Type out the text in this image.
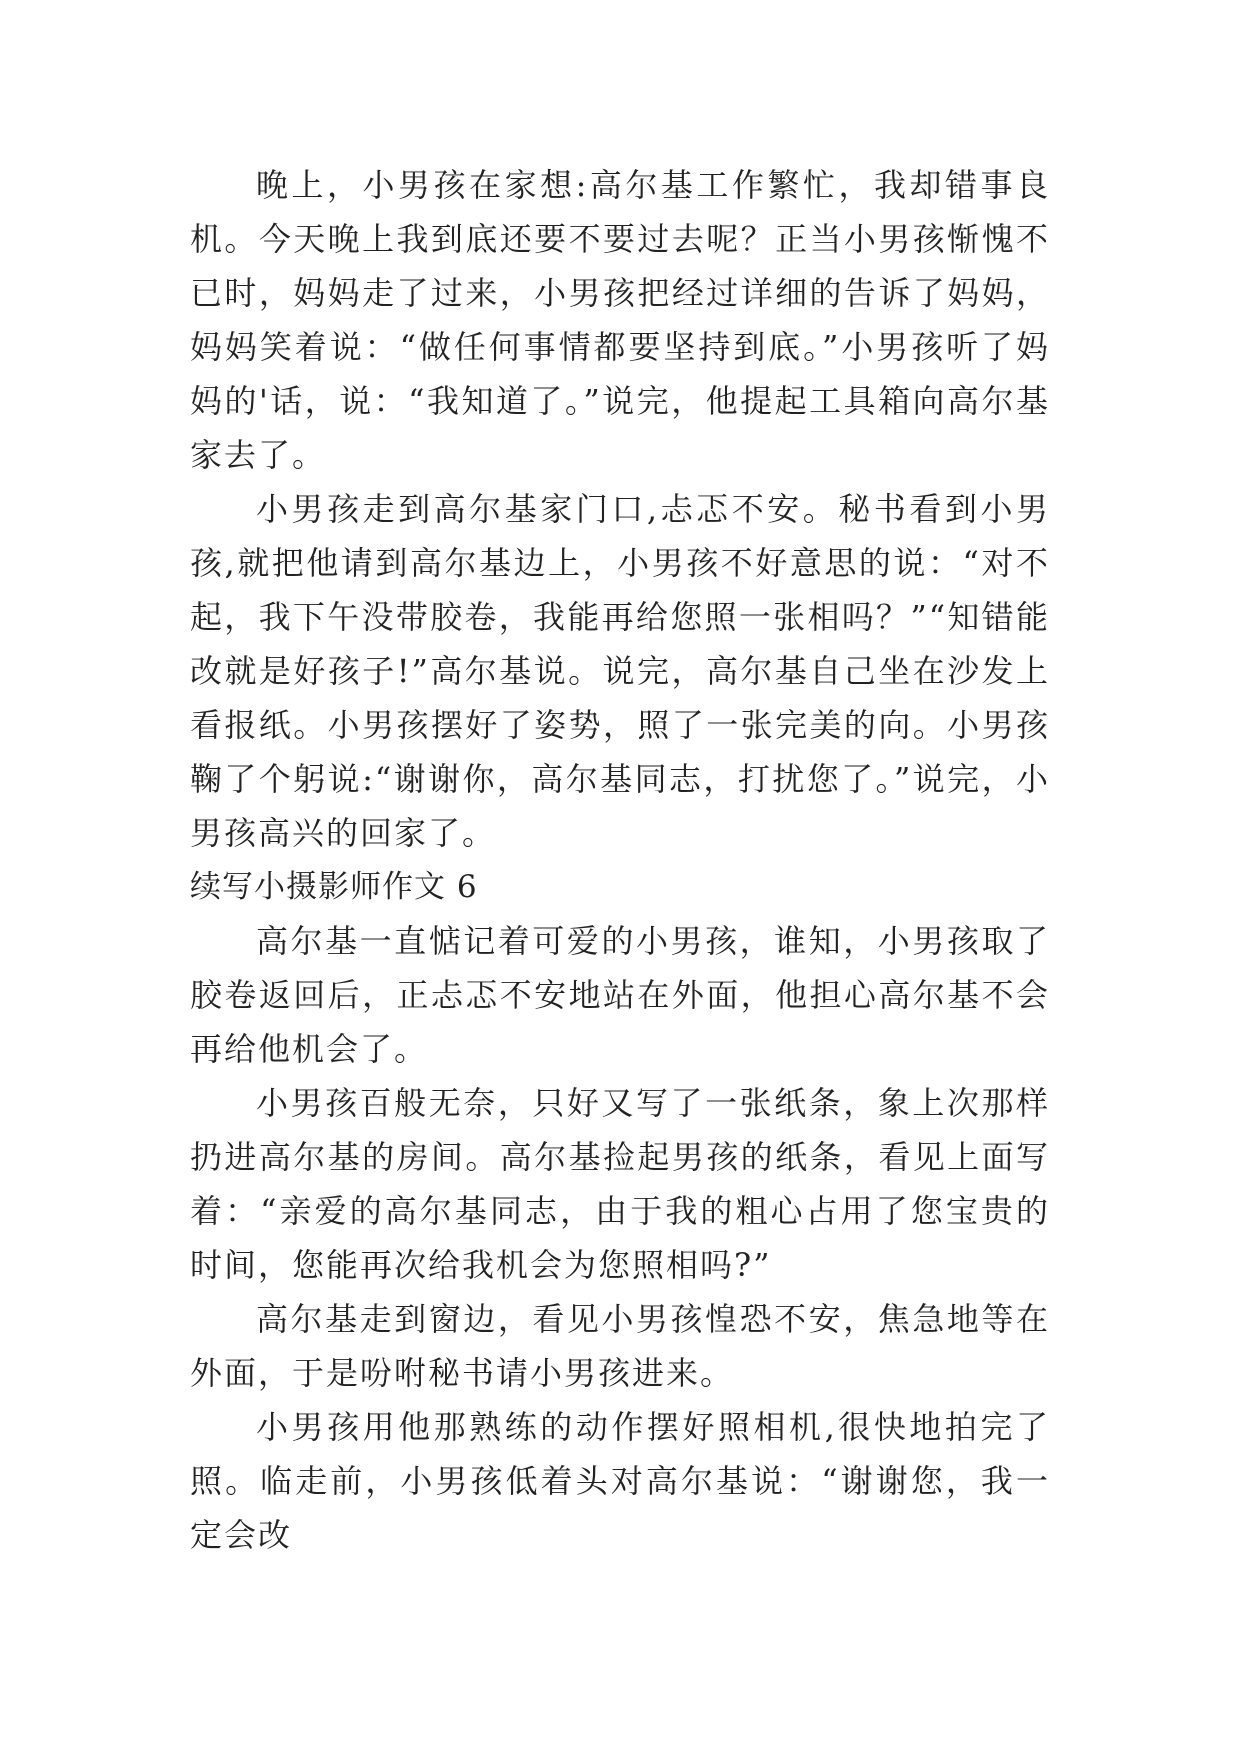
晚上，小男孩在家想:高尔基工作繁忙，我却错事良机。今天晚上我到底还要不要过去呢？正当小男孩惭愧不已时，妈妈走了过来，小男孩把经过详细的告诉了妈妈，妈妈笑着说：“做任何事情都要坚持到底。”小男孩听了妈妈的'话，说：“我知道了。”说完，他提起工具箱向高尔基家去了。

小男孩走到高尔基家门口,忐忑不安。秘书看到小男孩,就把他请到高尔基边上，小男孩不好意思的说：“对不起，我下午没带胶卷，我能再给您照一张相吗？”“知错能改就是好孩子!”高尔基说。说完，高尔基自己坐在沙发上看报纸。小男孩摆好了姿势，照了一张完美的向。小男孩鞠了个躬说:“谢谢你，高尔基同志，打扰您了。”说完，小男孩高兴的回家了。

续写小摄影师作文 6

高尔基一直惦记着可爱的小男孩，谁知，小男孩取了胶卷返回后，正忐忑不安地站在外面，他担心高尔基不会再给他机会了。

小男孩百般无奈，只好又写了一张纸条，象上次那样扔进高尔基的房间。高尔基捡起男孩的纸条，看见上面写着：“亲爱的高尔基同志，由于我的粗心占用了您宝贵的时间，您能再次给我机会为您照相吗?”

高尔基走到窗边，看见小男孩惶恐不安，焦急地等在外面，于是吩咐秘书请小男孩进来。

小男孩用他那熟练的动作摆好照相机,很快地拍完了照。临走前，小男孩低着头对高尔基说：“谢谢您，我一定会改
